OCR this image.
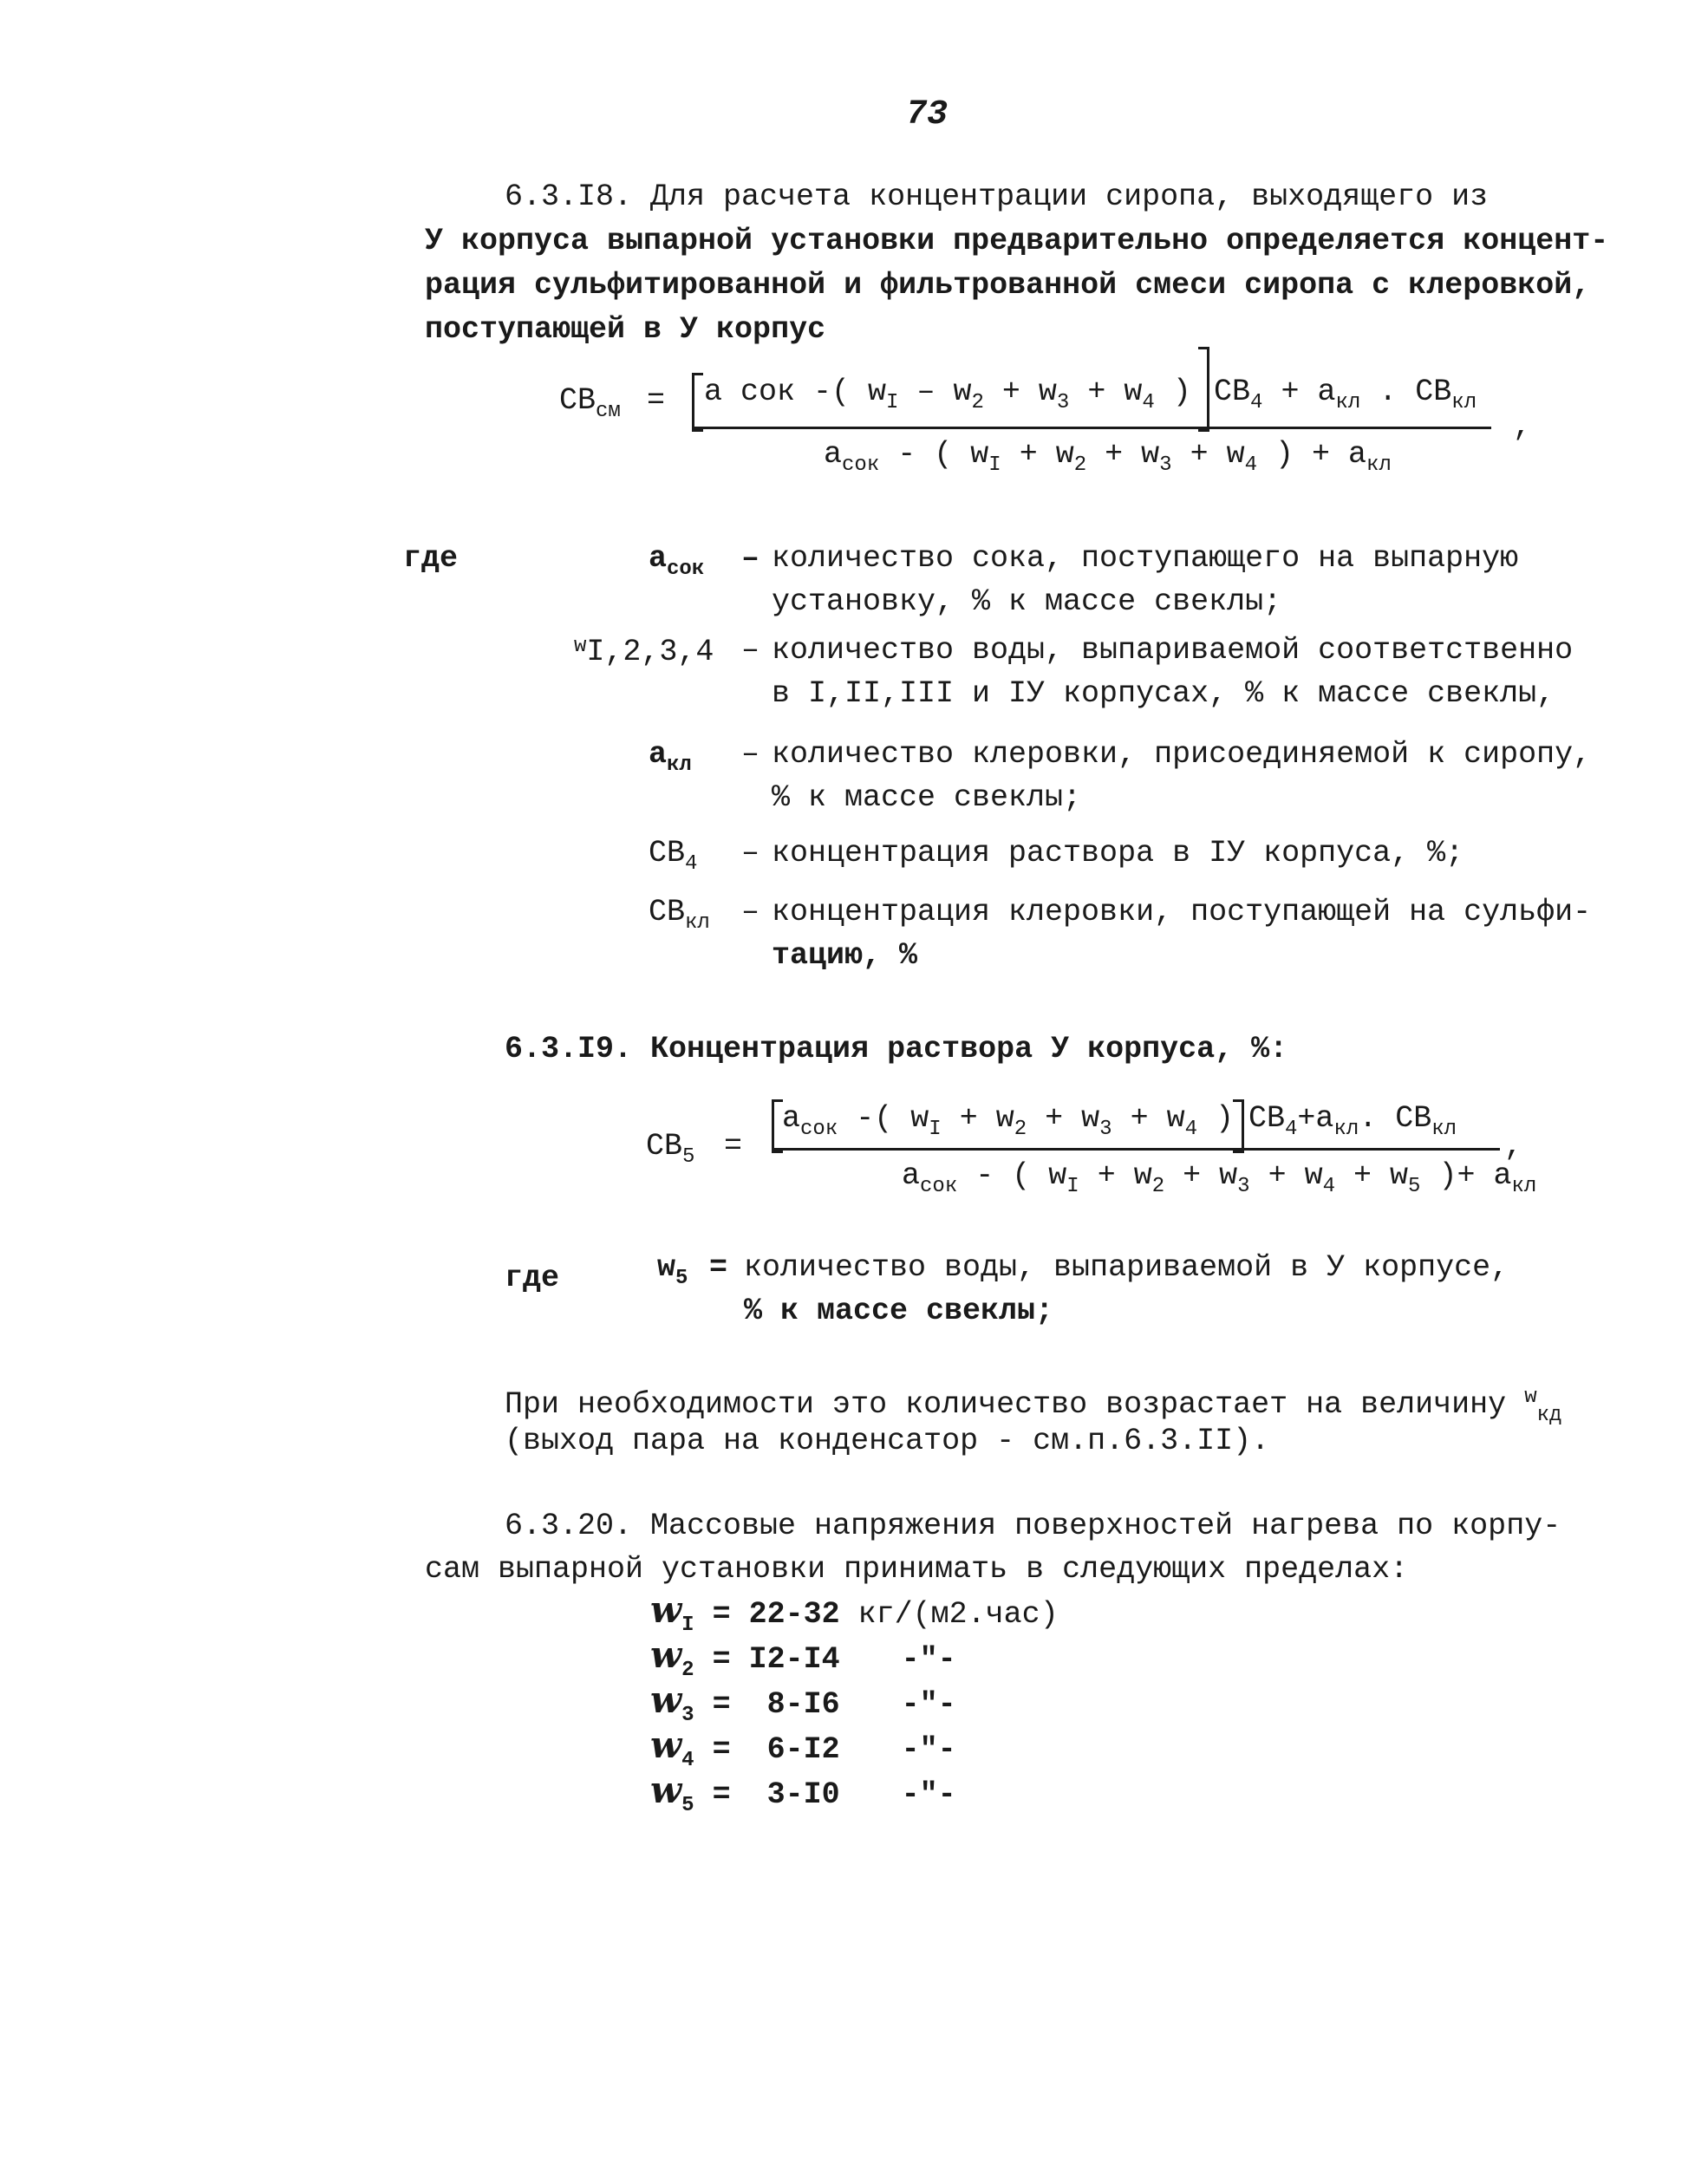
73
6.3.I8. Для расчета концентрации сиропа, выходящего из
У корпуса выпарной установки предварительно определяется концент-
рация сульфитированной и фильтрованной смеси сиропа с клеровкой,
поступающей в У корпус
$CB_{см} = a$ сок -( $w_I - w_2 + w_3 + w_4$ ) $CB_4 + a_{кл}$ . $CB_{кл}$
$a_{сок}$ - ( $w_I + w_2 + w_3 + w_4$ ) + $a_{кл}$
,
где	$a_{сок}$ – количество сока, поступающего на выпарную
установку, % к массе свеклы;
$^w$I,2,3,4 – количество воды, выпариваемой соответственно
в I,II,III и IУ корпусах, % к массе свеклы,
$a_{кл}$ – количество клеровки, присоединяемой к сиропу,
% к массе свеклы;
$CB_4$ – концентрация раствора в IУ корпуса, %;
$CB_{кл}$ – концентрация клеровки, поступающей на сульфи-
тацию, %
6.3.I9. Концентрация раствора У корпуса, %:
$CB_5$ =
$a_{сок}$ -( $w_I + w_2 + w_3 + w_4$ ) $CB_4+a_{кл}$. $CB_{кл}$
$a_{сок}$ - ( $w_I + w_2 + w_3 + w_4 + w_5$ )+ $a_{кл}$
,
где	$w_5$ = количество воды, выпариваемой в У корпусе,
% к массе свеклы;
При необходимости это количество возрастает на величину $^w_{кд}$
(выход пара на конденсатор - см.п.6.3.II).
6.3.20. Массовые напряжения поверхностей нагрева по корпу-
сам выпарной установки принимать в следующих пределах:
$w_I = 22-32$ кг/(м2.час)
$w_2 = I2-I4$ -"-
$w_3 = 8-I6$ -"-
$w_4 = 6-I2$ -"-
$w_5 = 3-I0$ -"-
